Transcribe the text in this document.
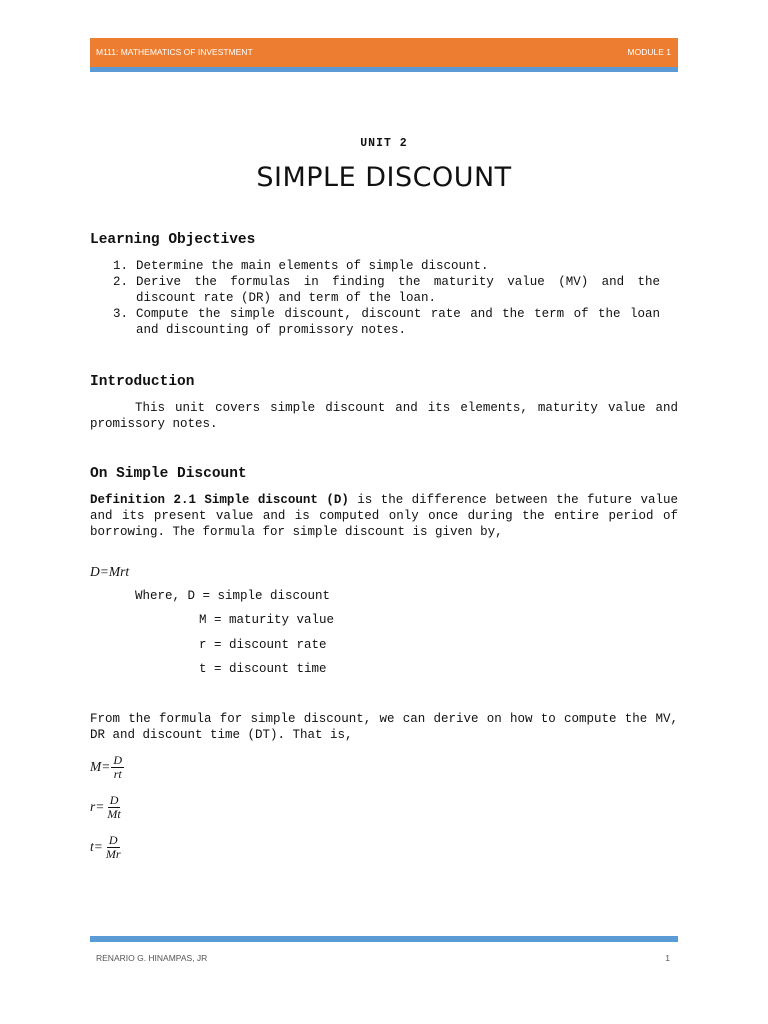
M111: MATHEMATICS OF INVESTMENT	MODULE 1
UNIT 2
SIMPLE DISCOUNT
Learning Objectives
1. Determine the main elements of simple discount.
2. Derive the formulas in finding the maturity value (MV) and the discount rate (DR) and term of the loan.
3. Compute the simple discount, discount rate and the term of the loan and discounting of promissory notes.
Introduction
This unit covers simple discount and its elements, maturity value and promissory notes.
On Simple Discount
Definition 2.1 Simple discount (D) is the difference between the future value and its present value and is computed only once during the entire period of borrowing. The formula for simple discount is given by,
D=Mrt
Where, D = simple discount
M = maturity value
r = discount rate
t = discount time
From the formula for simple discount, we can derive on how to compute the MV, DR and discount time (DT). That is,
$M= \frac{D}{rt}$
$r= \frac{D}{Mt}$
$t= \frac{D}{Mr}$
RENARIO G. HINAMPAS, JR	1
